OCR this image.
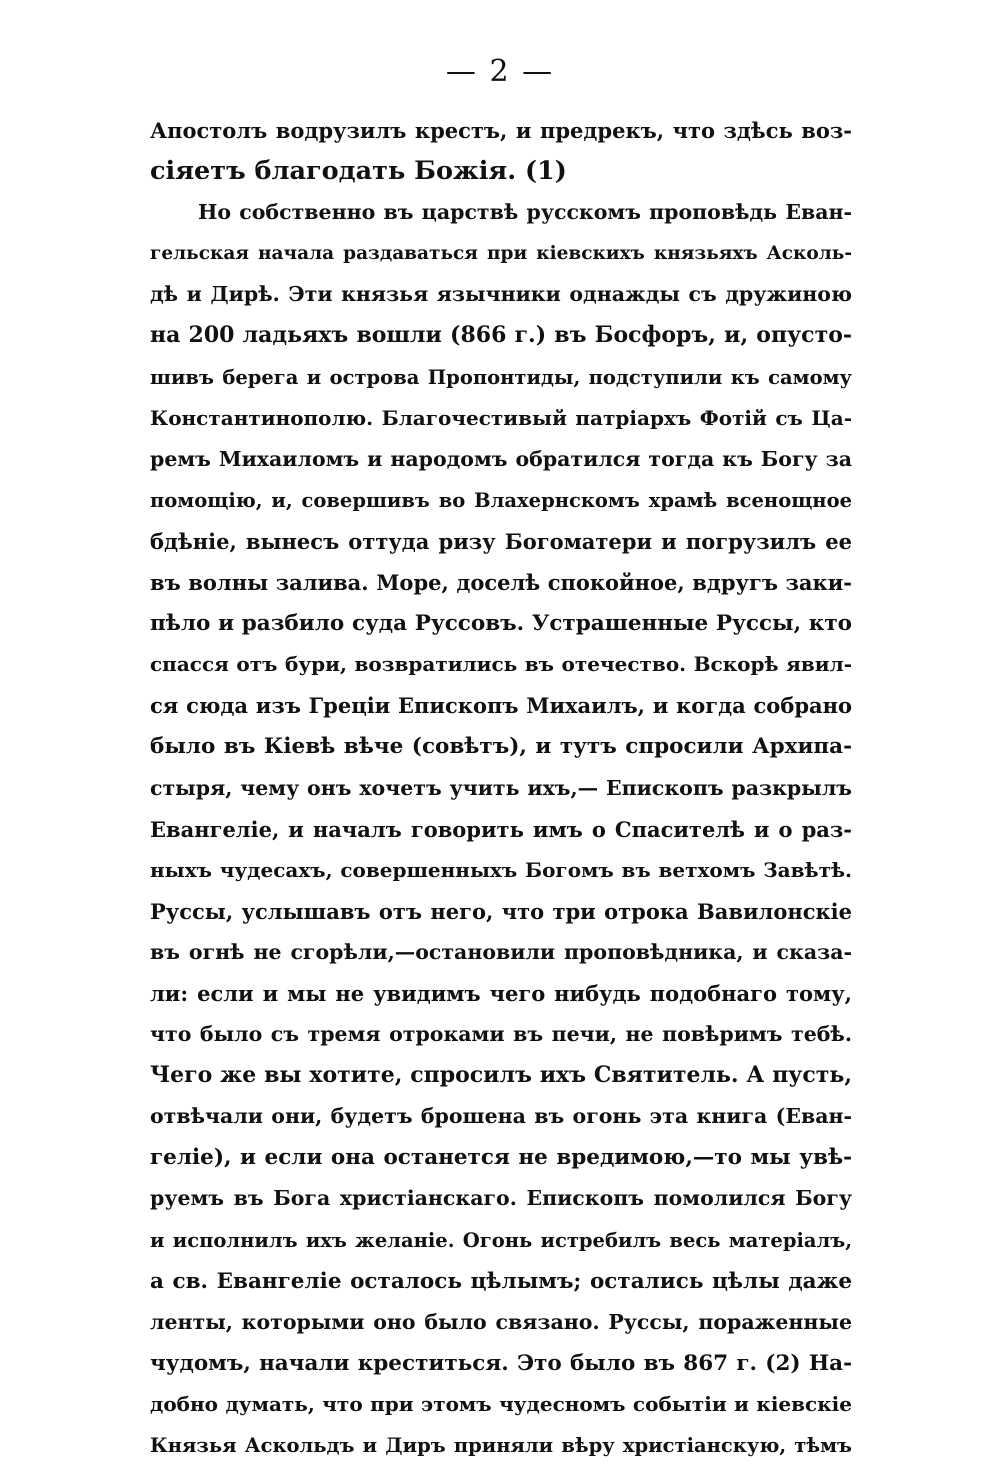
— 2 —
Апостолъ водрузилъ крестъ, и предрекъ, что здѣсь воз-
сіяетъ благодать Божія. (1)
Но собственно въ царствѣ русскомъ проповѣдь Еван-
гельская начала раздаваться при кіевскихъ князьяхъ Асколь-
дѣ и Дирѣ. Эти князья язычники однажды съ дружиною
на 200 ладьяхъ вошли (866 г.) въ Босфоръ, и, опусто-
шивъ берега и острова Пропонтиды, подступили къ самому
Константинополю. Благочестивый патріархъ Фотій съ Ца-
ремъ Михаиломъ и народомъ обратился тогда къ Богу за
помощію, и, совершивъ во Влахернскомъ храмѣ всенощное
бдѣніе, вынесъ оттуда ризу Богоматери и погрузилъ ее
въ волны залива. Море, доселѣ спокойное, вдругъ заки-
пѣло и разбило суда Руссовъ. Устрашенные Руссы, кто
спасся отъ бури, возвратились въ отечество. Вскорѣ явил-
ся сюда изъ Греціи Епископъ Михаилъ, и когда собрано
было въ Кіевѣ вѣче (совѣтъ), и тутъ спросили Архипа-
стыря, чему онъ хочетъ учить ихъ,— Епископъ разкрылъ
Евангеліе, и началъ говорить имъ о Спасителѣ и о раз-
ныхъ чудесахъ, совершенныхъ Богомъ въ ветхомъ Завѣтѣ.
Руссы, услышавъ отъ него, что три отрока Вавилонскіе
въ огнѣ не сгорѣли,—остановили проповѣдника, и сказа-
ли: если и мы не увидимъ чего нибудь подобнаго тому,
что было съ тремя отроками въ печи, не повѣримъ тебѣ.
Чего же вы хотите, спросилъ ихъ Святитель. А пусть,
отвѣчали они, будетъ брошена въ огонь эта книга (Еван-
геліе), и если она останется не вредимою,—то мы увѣ-
руемъ въ Бога христіанскаго. Епископъ помолился Богу
и исполнилъ ихъ желаніе. Огонь истребилъ весь матеріалъ,
а св. Евангеліе осталось цѣлымъ; остались цѣлы даже
ленты, которыми оно было связано. Руссы, пораженные
чудомъ, начали креститься. Это было въ 867 г. (2) На-
добно думать, что при этомъ чудесномъ событіи и кіевскіе
Князья Аскольдъ и Диръ приняли вѣру христіанскую, тѣмъ
